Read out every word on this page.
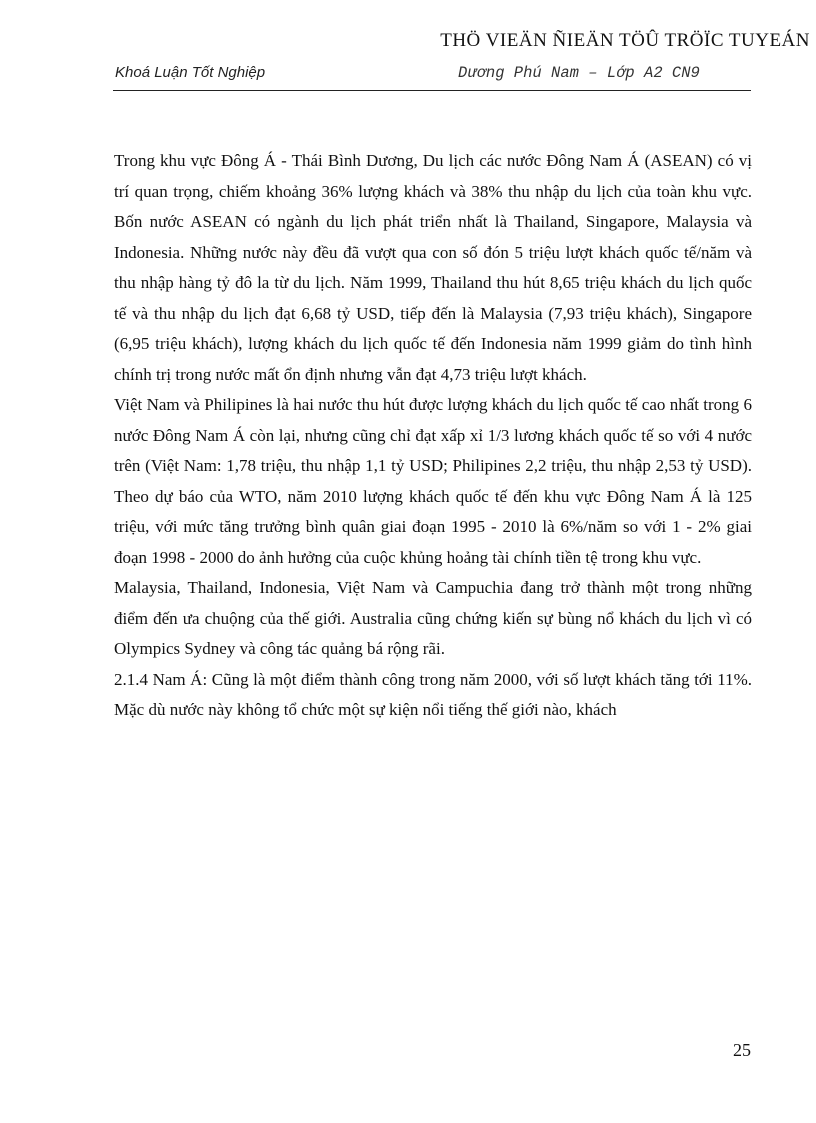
THÖ VIEÄN ÑIEÄN TÖÛ TRÖÏC TUYEÁN
Khoá Luận Tốt Nghiệp	Dương Phú Nam – Lớp A2 CN9

Trong khu vực Đông Á - Thái Bình Dương, Du lịch các nước Đông Nam Á (ASEAN) có vị trí quan trọng, chiếm khoảng 36% lượng khách và 38% thu nhập du lịch của toàn khu vực. Bốn nước ASEAN có ngành du lịch phát triển nhất là Thailand, Singapore, Malaysia và Indonesia. Những nước này đều đã vượt qua con số đón 5 triệu lượt khách quốc tế/năm và thu nhập hàng tỷ đô la từ du lịch. Năm 1999, Thailand thu hút 8,65 triệu khách du lịch quốc tế và thu nhập du lịch đạt 6,68 tỷ USD, tiếp đến là Malaysia (7,93 triệu khách), Singapore (6,95 triệu khách), lượng khách du lịch quốc tế đến Indonesia năm 1999 giảm do tình hình chính trị trong nước mất ổn định nhưng vẫn đạt 4,73 triệu lượt khách.

Việt Nam và Philipines là hai nước thu hút được lượng khách du lịch quốc tế cao nhất trong 6 nước Đông Nam Á còn lại, nhưng cũng chỉ đạt xấp xỉ 1/3 lương khách quốc tế so với 4 nước trên (Việt Nam: 1,78 triệu, thu nhập 1,1 tỷ USD; Philipines 2,2 triệu, thu nhập 2,53 tỷ USD). Theo dự báo của WTO, năm 2010 lượng khách quốc tế đến khu vực Đông Nam Á là 125 triệu, với mức tăng trưởng bình quân giai đoạn 1995 - 2010 là 6%/năm so với 1 - 2% giai đoạn 1998 - 2000 do ảnh hưởng của cuộc khủng hoảng tài chính tiền tệ trong khu vực.

Malaysia, Thailand, Indonesia, Việt Nam và Campuchia đang trở thành một trong những điểm đến ưa chuộng của thế giới. Australia cũng chứng kiến sự bùng nổ khách du lịch vì có Olympics Sydney và công tác quảng bá rộng rãi.

2.1.4 Nam Á: Cũng là một điểm thành công trong năm 2000, với số lượt khách tăng tới 11%. Mặc dù nước này không tổ chức một sự kiện nổi tiếng thế giới nào, khách

25
